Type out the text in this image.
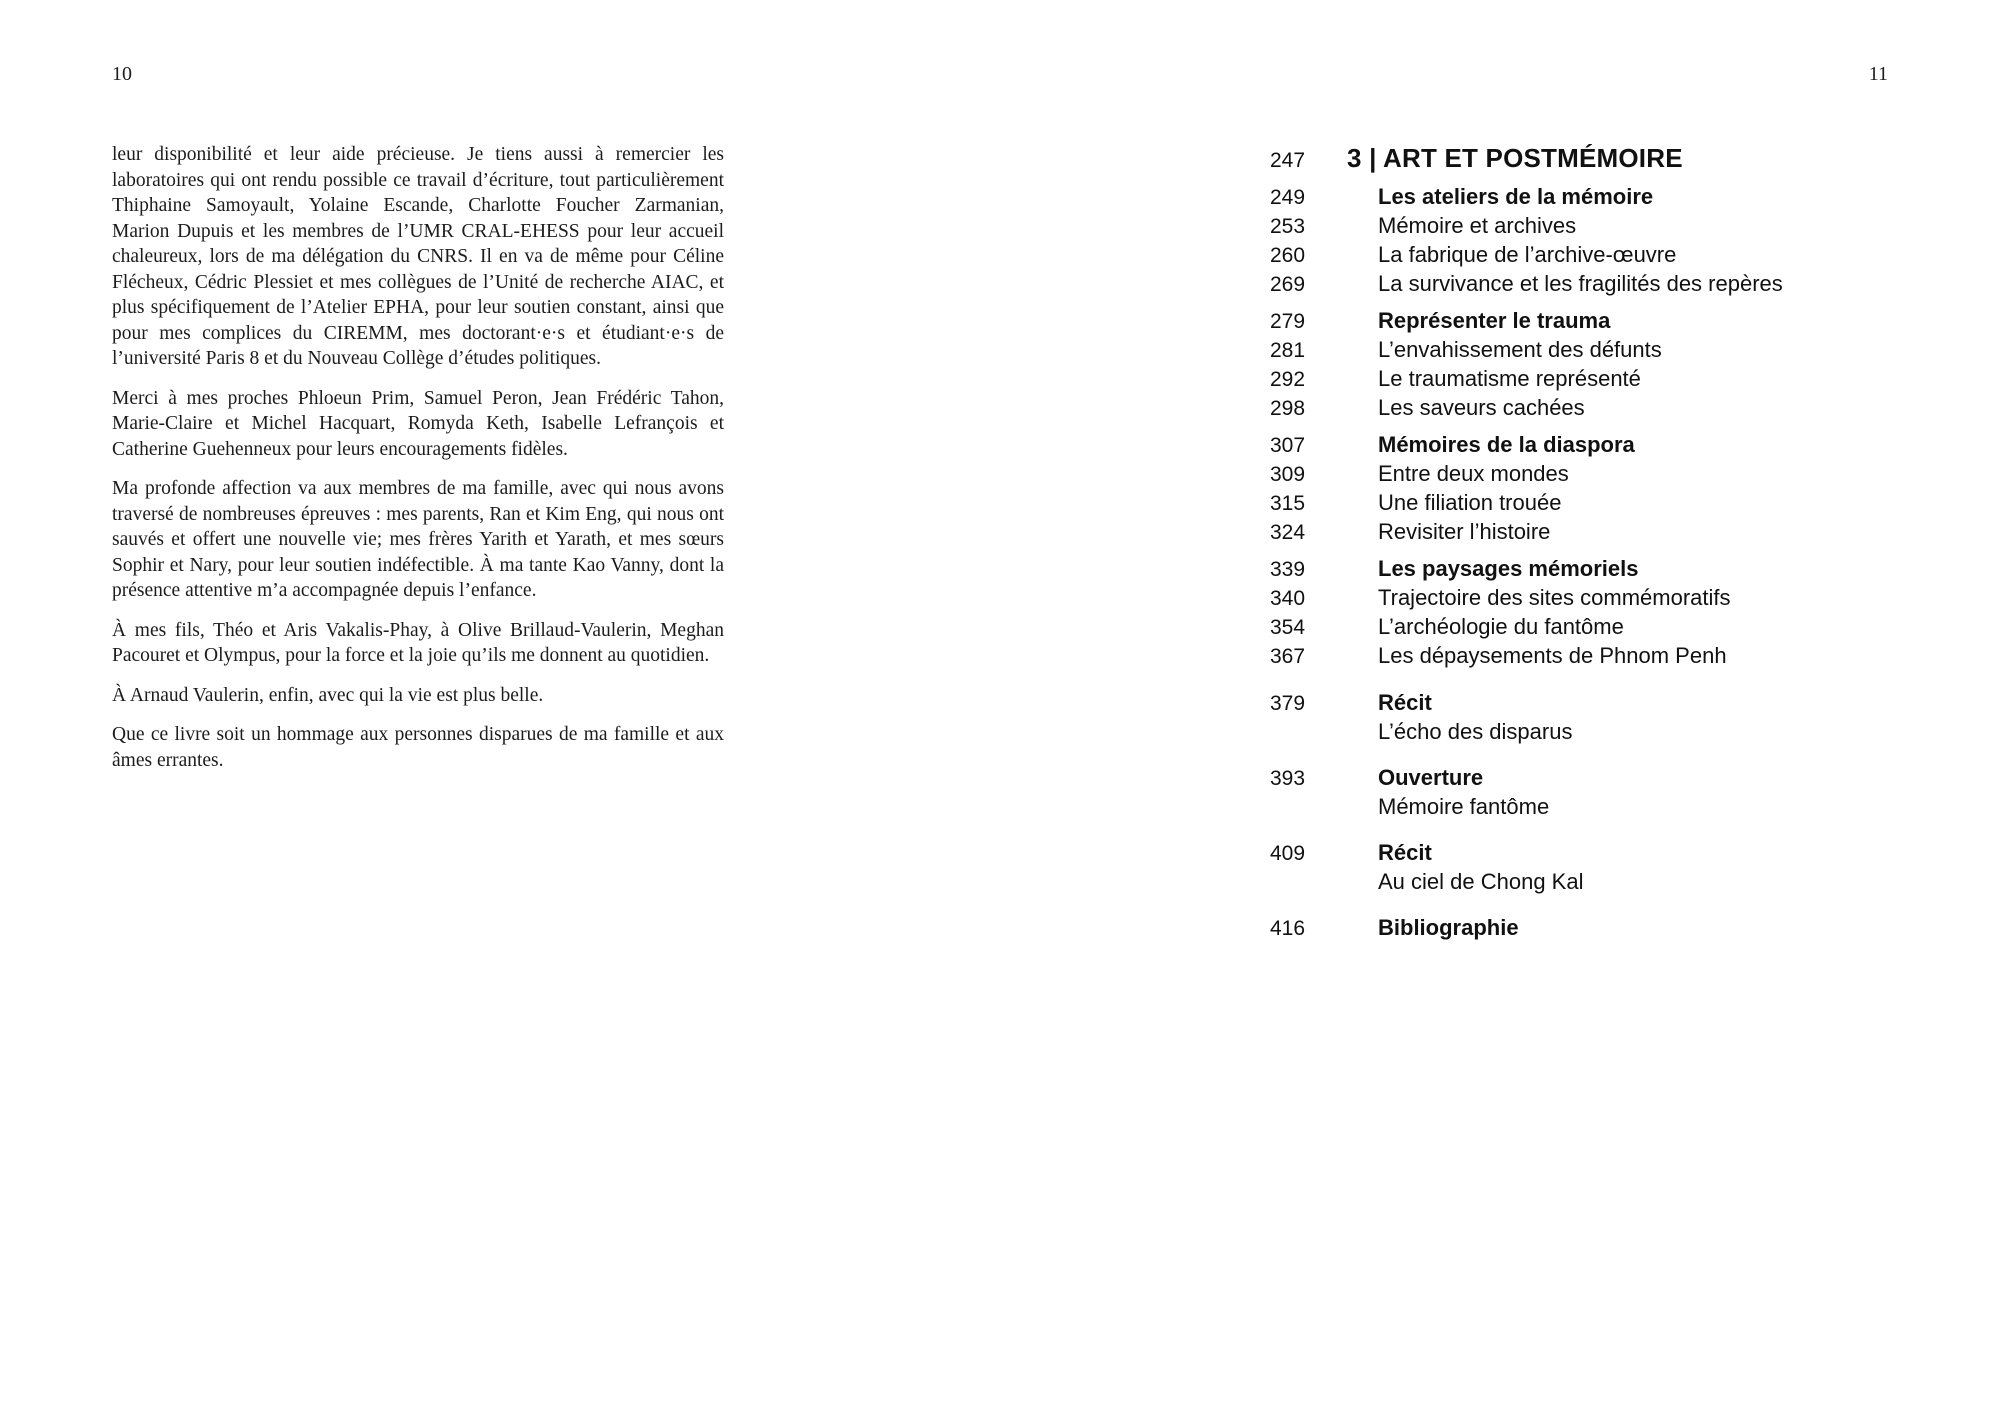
10	11

leur disponibilité et leur aide précieuse. Je tiens aussi à remercier les laboratoires qui ont rendu possible ce travail d’écriture, tout particulièrement Thiphaine Samoyault, Yolaine Escande, Charlotte Foucher Zarmanian, Marion Dupuis et les membres de l’UMR CRAL-EHESS pour leur accueil chaleureux, lors de ma délégation du CNRS. Il en va de même pour Céline Flécheux, Cédric Plessiet et mes collègues de l’Unité de recherche AIAC, et plus spécifiquement de l’Atelier EPHA, pour leur soutien constant, ainsi que pour mes complices du CIREMM, mes doctorant·e·s et étudiant·e·s de l’université Paris 8 et du Nouveau Collège d’études politiques.

Merci à mes proches Phloeun Prim, Samuel Peron, Jean Frédéric Tahon, Marie-Claire et Michel Hacquart, Romyda Keth, Isabelle Lefrançois et Catherine Guehenneux pour leurs encouragements fidèles.

Ma profonde affection va aux membres de ma famille, avec qui nous avons traversé de nombreuses épreuves : mes parents, Ran et Kim Eng, qui nous ont sauvés et offert une nouvelle vie; mes frères Yarith et Yarath, et mes sœurs Sophir et Nary, pour leur soutien indéfectible. À ma tante Kao Vanny, dont la présence attentive m’a accompagnée depuis l’enfance.

À mes fils, Théo et Aris Vakalis-Phay, à Olive Brillaud-Vaulerin, Meghan Pacouret et Olympus, pour la force et la joie qu’ils me donnent au quotidien.

À Arnaud Vaulerin, enfin, avec qui la vie est plus belle.

Que ce livre soit un hommage aux personnes disparues de ma famille et aux âmes errantes.

247	3 | ART ET POSTMÉMOIRE
249	Les ateliers de la mémoire
253	Mémoire et archives
260	La fabrique de l’archive-œuvre
269	La survivance et les fragilités des repères
279	Représenter le trauma
281	L’envahissement des défunts
292	Le traumatisme représenté
298	Les saveurs cachées
307	Mémoires de la diaspora
309	Entre deux mondes
315	Une filiation trouée
324	Revisiter l’histoire
339	Les paysages mémoriels
340	Trajectoire des sites commémoratifs
354	L’archéologie du fantôme
367	Les dépaysements de Phnom Penh
379	Récit
L’écho des disparus
393	Ouverture
Mémoire fantôme
409	Récit
Au ciel de Chong Kal
416	Bibliographie
